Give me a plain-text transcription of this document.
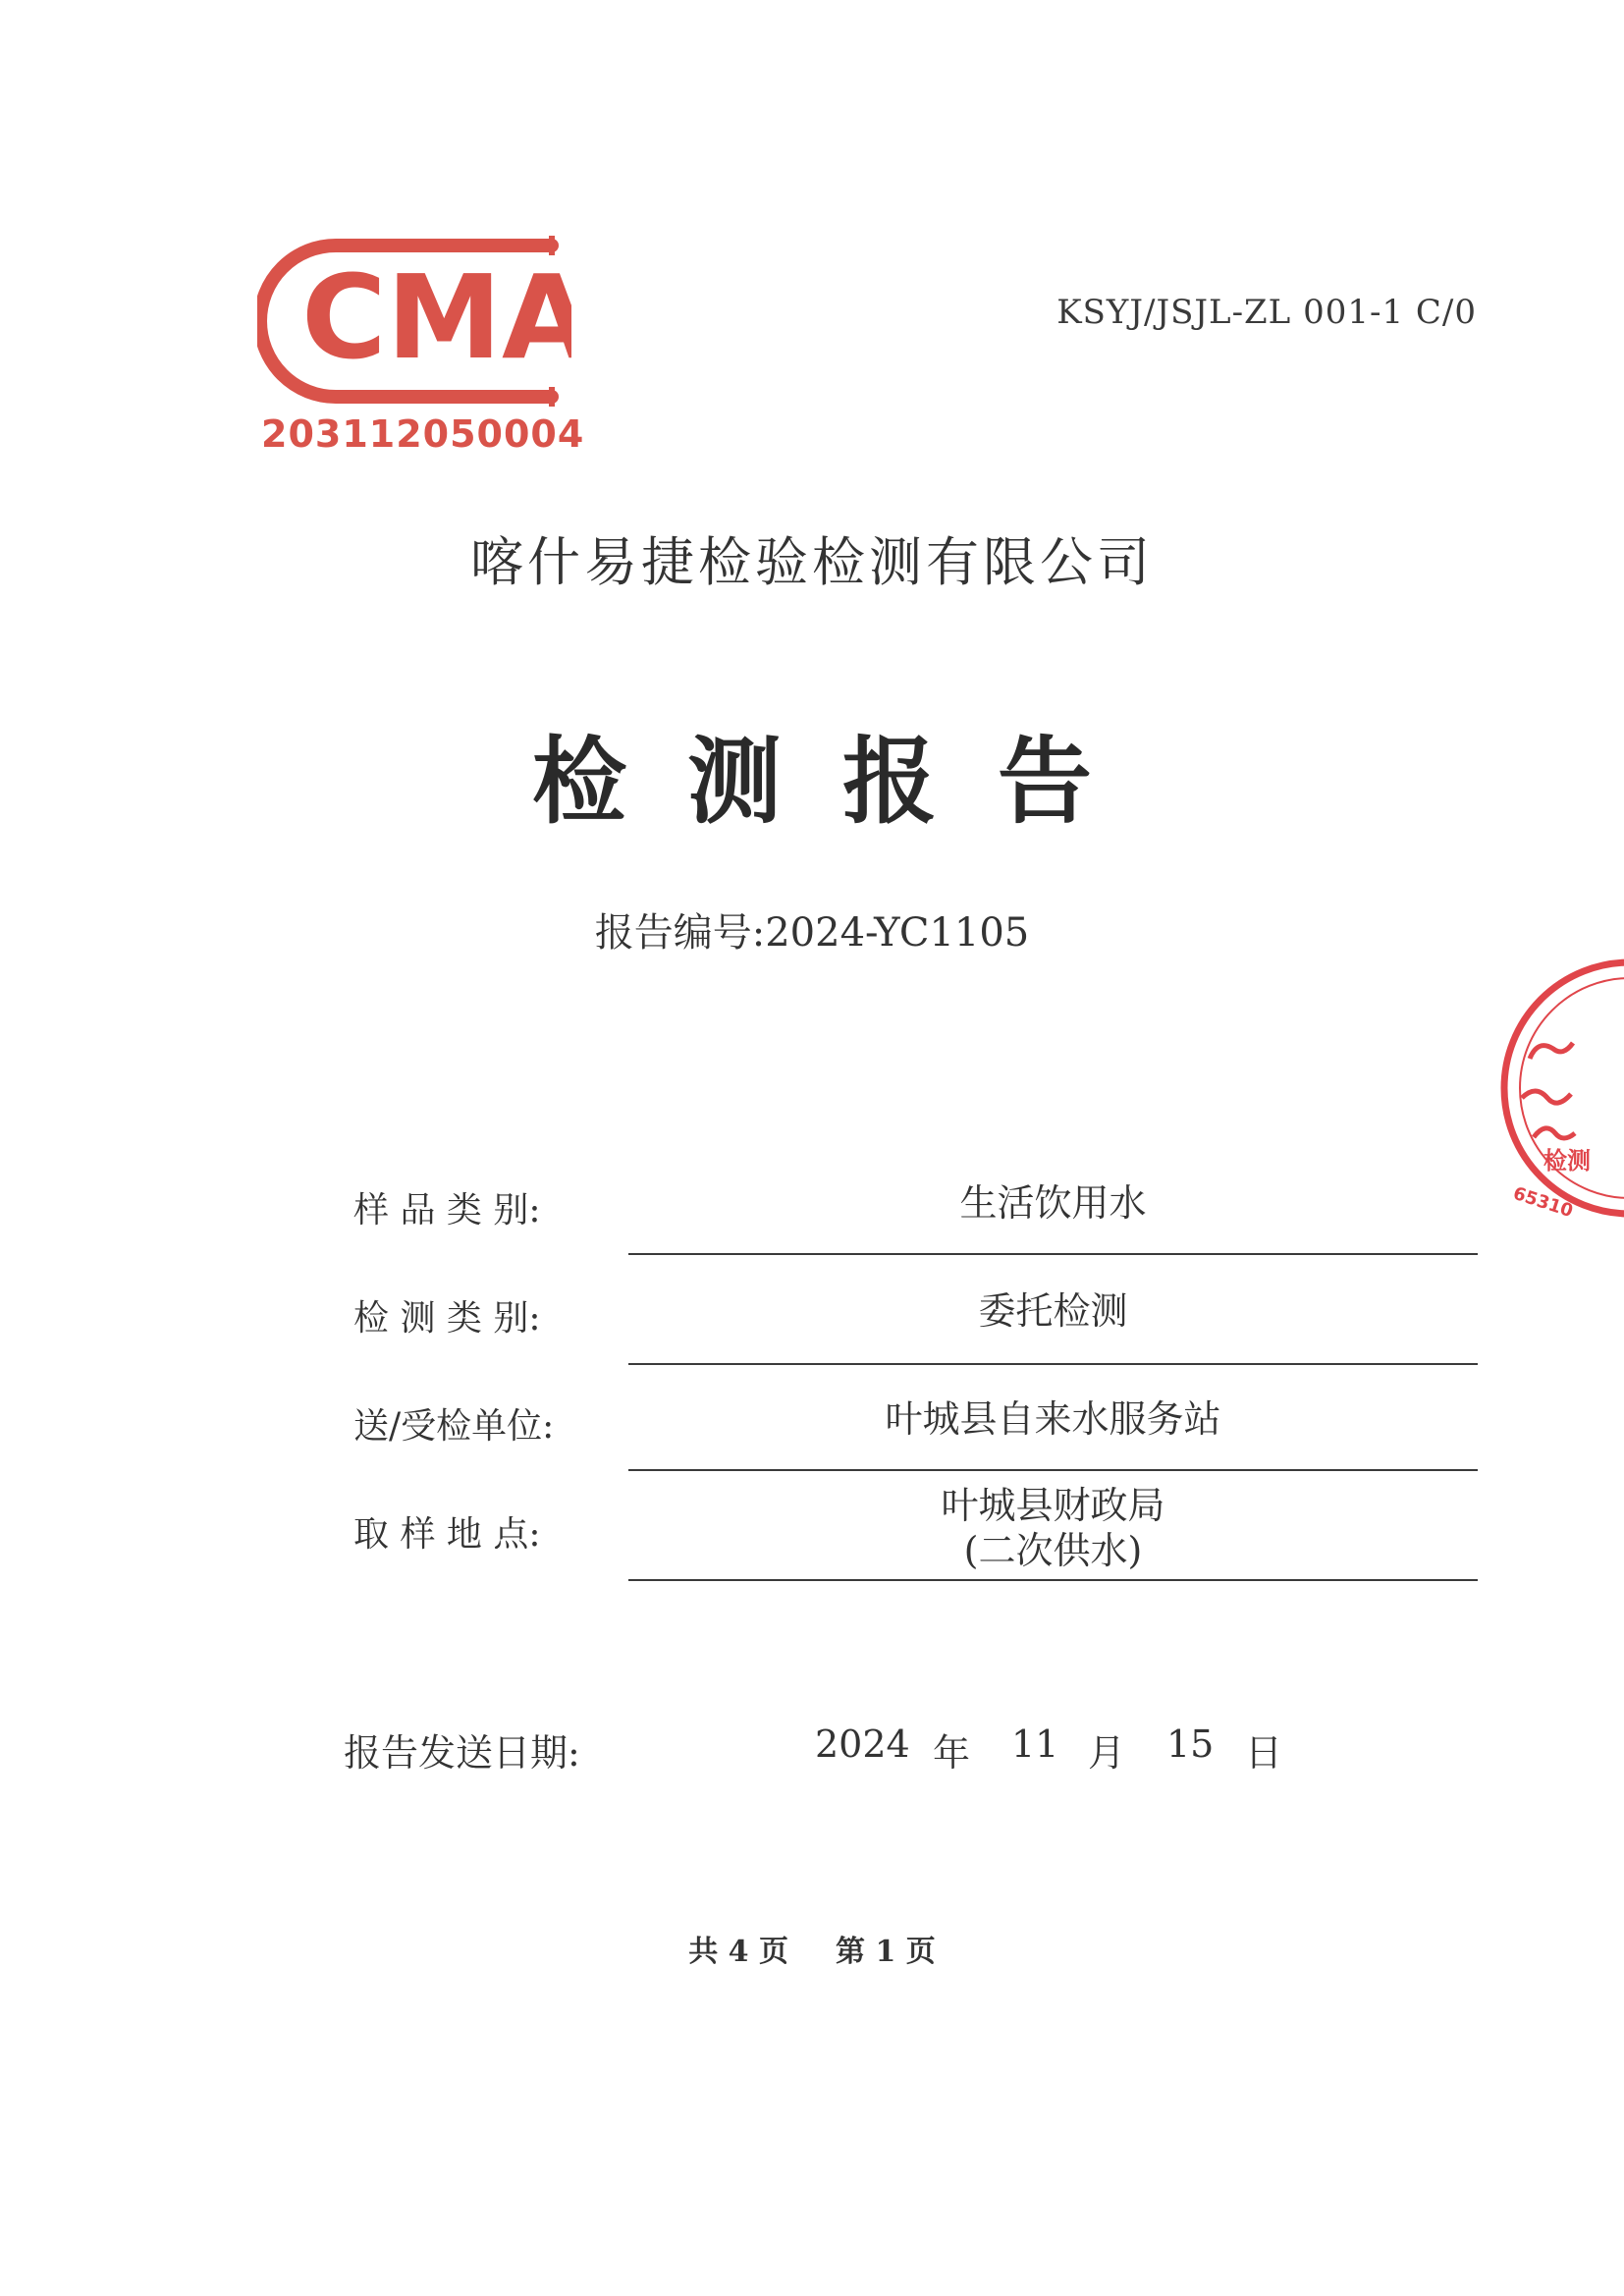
CMA
203112050004
KSYJ/JSJL-ZL 001-1 C/0
喀什易捷检验检测有限公司
检测报告
报告编号:2024-YC1105
检测
65310
样 品 类 别:	生活饮用水
检 测 类 别:	委托检测
送/受检单位:	叶城县自来水服务站
取 样 地 点:
叶城县财政局
(二次供水)
报告发送日期:	2024 年 11 月 15 日
共 4 页 第 1 页
